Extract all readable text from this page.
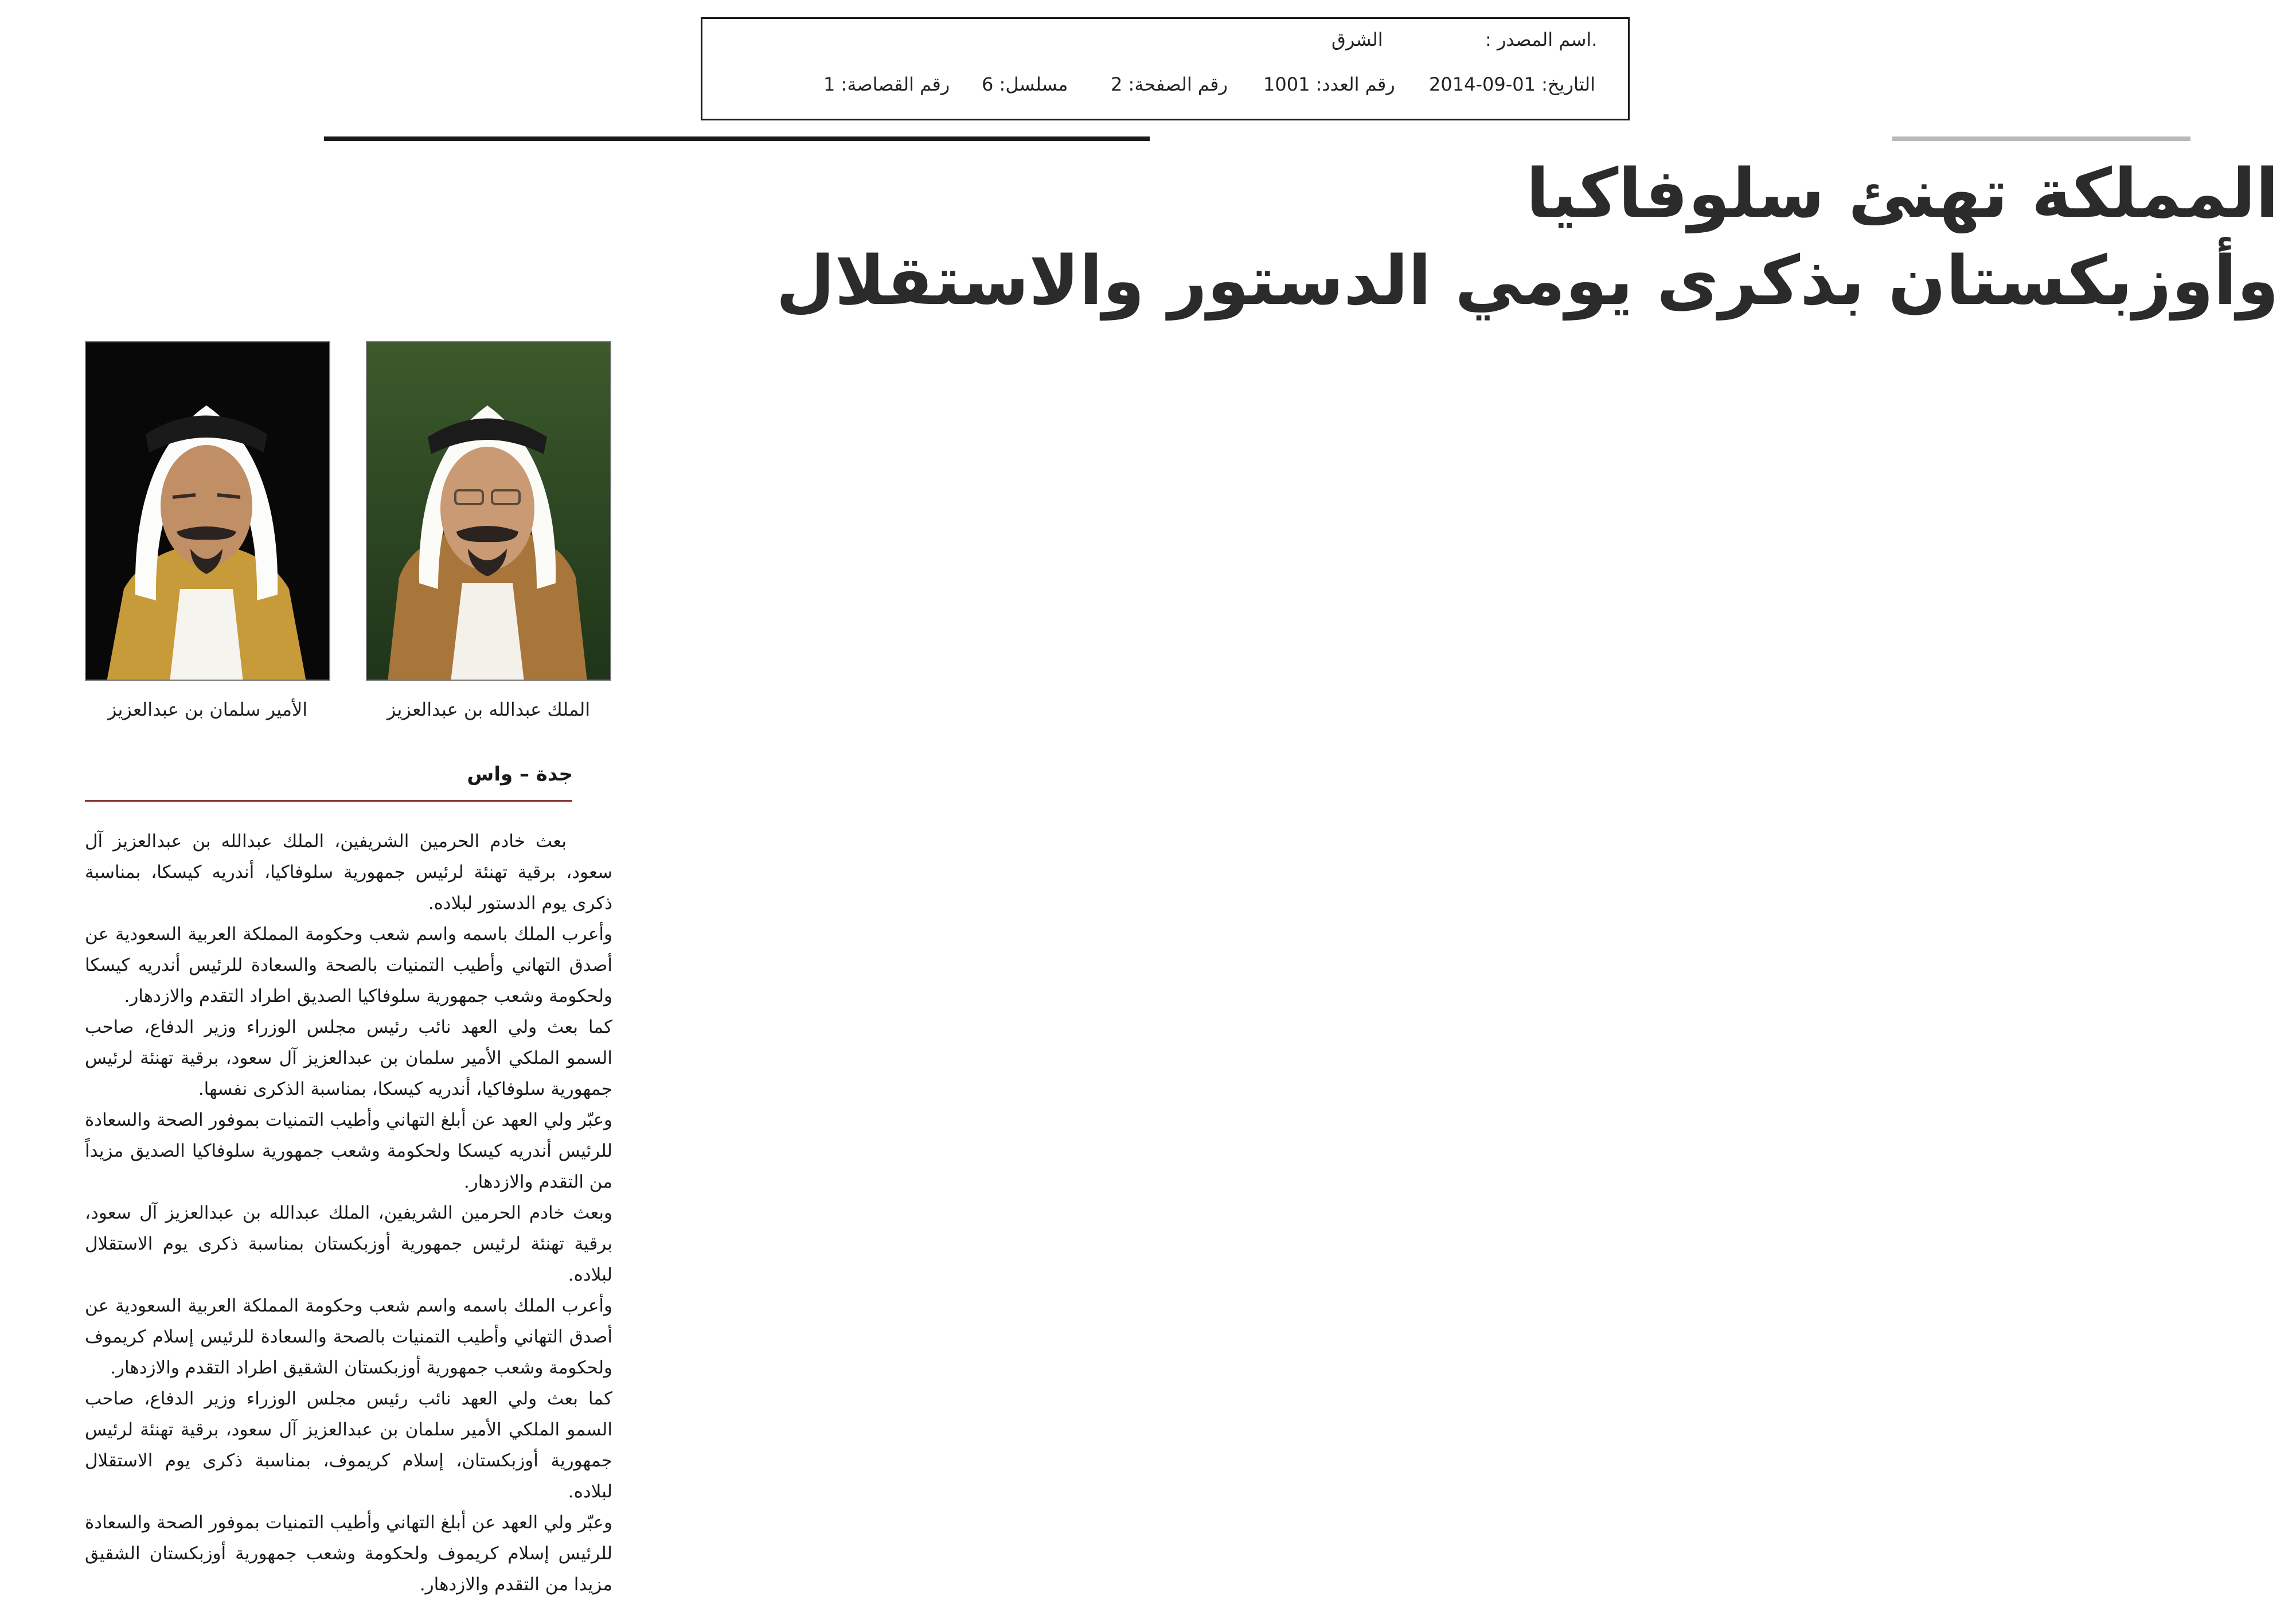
.اسم المصدر :
الشرق
التاريخ: 01-09-2014
رقم العدد: 1001
رقم الصفحة: 2
مسلسل: 6
رقم القصاصة: 1
المملكة تهنئ سلوفاكيا
وأوزبكستان بذكرى يومي الدستور والاستقلال
الملك عبدالله بن عبدالعزيز
الأمير سلمان بن عبدالعزيز
جدة – واس

بعث خادم الحرمين الشريفين، الملك عبدالله بن عبدالعزيز آل سعود، برقية تهنئة لرئيس جمهورية سلوفاكيا، أندريه كيسكا، بمناسبة ذكرى يوم الدستور لبلاده.

وأعرب الملك باسمه واسم شعب وحكومة المملكة العربية السعودية عن أصدق التهاني وأطيب التمنيات بالصحة والسعادة للرئيس أندريه كيسكا ولحكومة وشعب جمهورية سلوفاكيا الصديق اطراد التقدم والازدهار.

كما بعث ولي العهد نائب رئيس مجلس الوزراء وزير الدفاع، صاحب السمو الملكي الأمير سلمان بن عبدالعزيز آل سعود، برقية تهنئة لرئيس جمهورية سلوفاكيا، أندريه كيسكا، بمناسبة الذكرى نفسها.

وعبّر ولي العهد عن أبلغ التهاني وأطيب التمنيات بموفور الصحة والسعادة للرئيس أندريه كيسكا ولحكومة وشعب جمهورية سلوفاكيا الصديق مزيداً من التقدم والازدهار.

وبعث خادم الحرمين الشريفين، الملك عبدالله بن عبدالعزيز آل سعود، برقية تهنئة لرئيس جمهورية أوزبكستان بمناسبة ذكرى يوم الاستقلال لبلاده.

وأعرب الملك باسمه واسم شعب وحكومة المملكة العربية السعودية عن أصدق التهاني وأطيب التمنيات بالصحة والسعادة للرئيس إسلام كريموف ولحكومة وشعب جمهورية أوزبكستان الشقيق اطراد التقدم والازدهار.

كما بعث ولي العهد نائب رئيس مجلس الوزراء وزير الدفاع، صاحب السمو الملكي الأمير سلمان بن عبدالعزيز آل سعود، برقية تهنئة لرئيس جمهورية أوزبكستان، إسلام كريموف، بمناسبة ذكرى يوم الاستقلال لبلاده.

وعبّر ولي العهد عن أبلغ التهاني وأطيب التمنيات بموفور الصحة والسعادة للرئيس إسلام كريموف ولحكومة وشعب جمهورية أوزبكستان الشقيق مزيدا من التقدم والازدهار.
